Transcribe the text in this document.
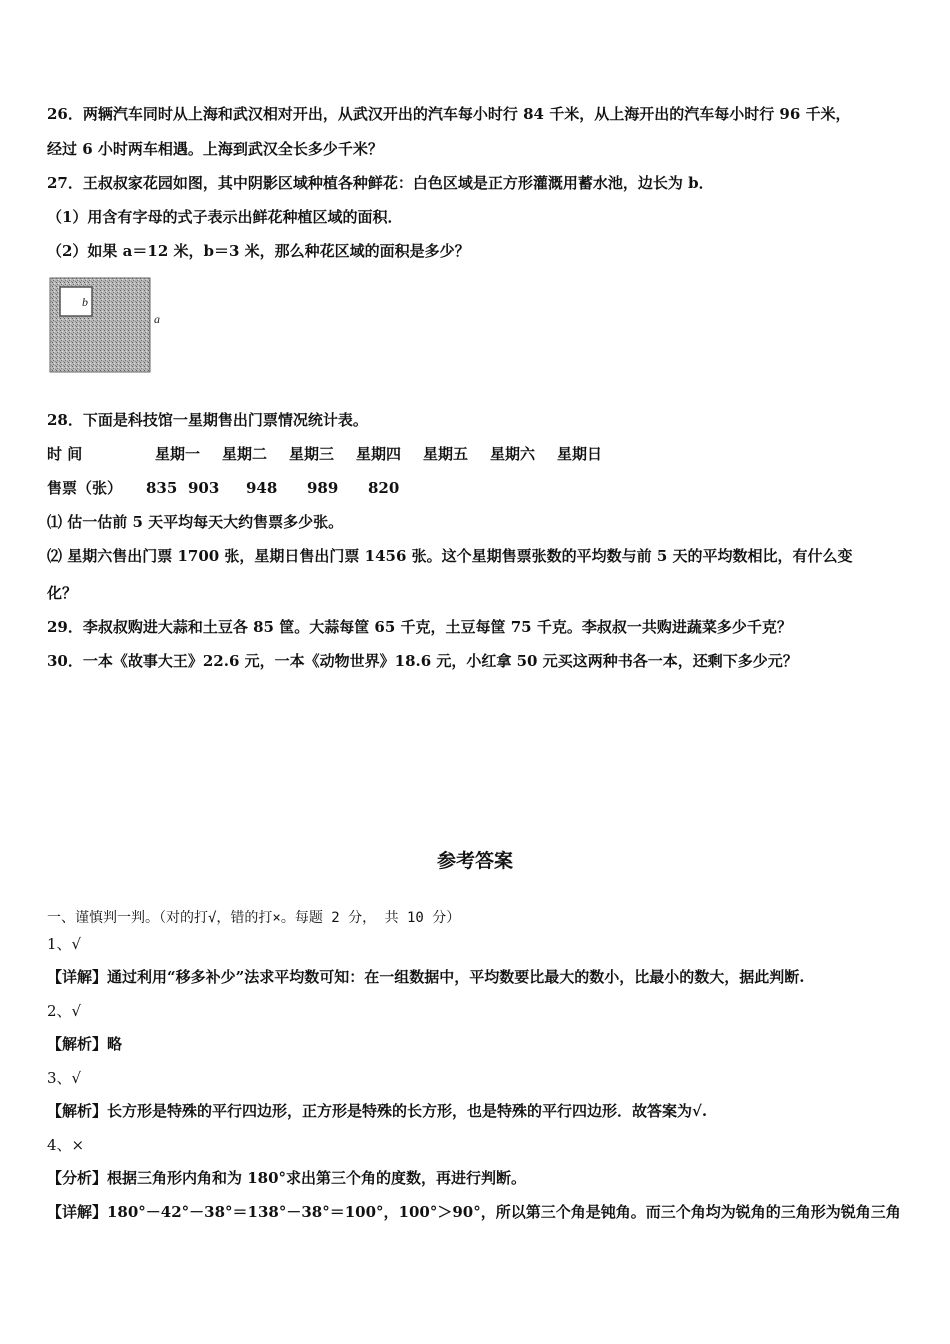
26．两辆汽车同时从上海和武汉相对开出，从武汉开出的汽车每小时行 84 千米，从上海开出的汽车每小时行 96 千米，
经过 6 小时两车相遇。上海到武汉全长多少千米？
27．王叔叔家花园如图，其中阴影区域种植各种鲜花：白色区域是正方形灌溉用蓄水池，边长为 b．
（1）用含有字母的式子表示出鲜花种植区域的面积．
（2）如果 a＝12 米，b＝3 米，那么种花区域的面积是多少？
b
a
28．下面是科技馆一星期售出门票情况统计表。
时 间	星期一 星期二 星期三 星期四 星期五 星期六 星期日
售票（张） 835 903 948 989 820
⑴ 估一估前 5 天平均每天大约售票多少张。
⑵ 星期六售出门票 1700 张，星期日售出门票 1456 张。这个星期售票张数的平均数与前 5 天的平均数相比，有什么变
化？
29．李叔叔购进大蒜和土豆各 85 筐。大蒜每筐 65 千克，土豆每筐 75 千克。李叔叔一共购进蔬菜多少千克？
30．一本《故事大王》22.6 元，一本《动物世界》18.6 元，小红拿 50 元买这两种书各一本，还剩下多少元？
参考答案
一、谨慎判一判。（对的打√，错的打×。每题 2 分， 共 10 分）
1、√
【详解】通过利用“移多补少”法求平均数可知：在一组数据中，平均数要比最大的数小，比最小的数大，据此判断.
2、√
【解析】略
3、√
【解析】长方形是特殊的平行四边形，正方形是特殊的长方形，也是特殊的平行四边形．故答案为√.
4、×
【分析】根据三角形内角和为 180°求出第三个角的度数，再进行判断。
【详解】180°－42°－38°＝138°－38°＝100°，100°＞90°，所以第三个角是钝角。而三个角均为锐角的三角形为锐角三角
